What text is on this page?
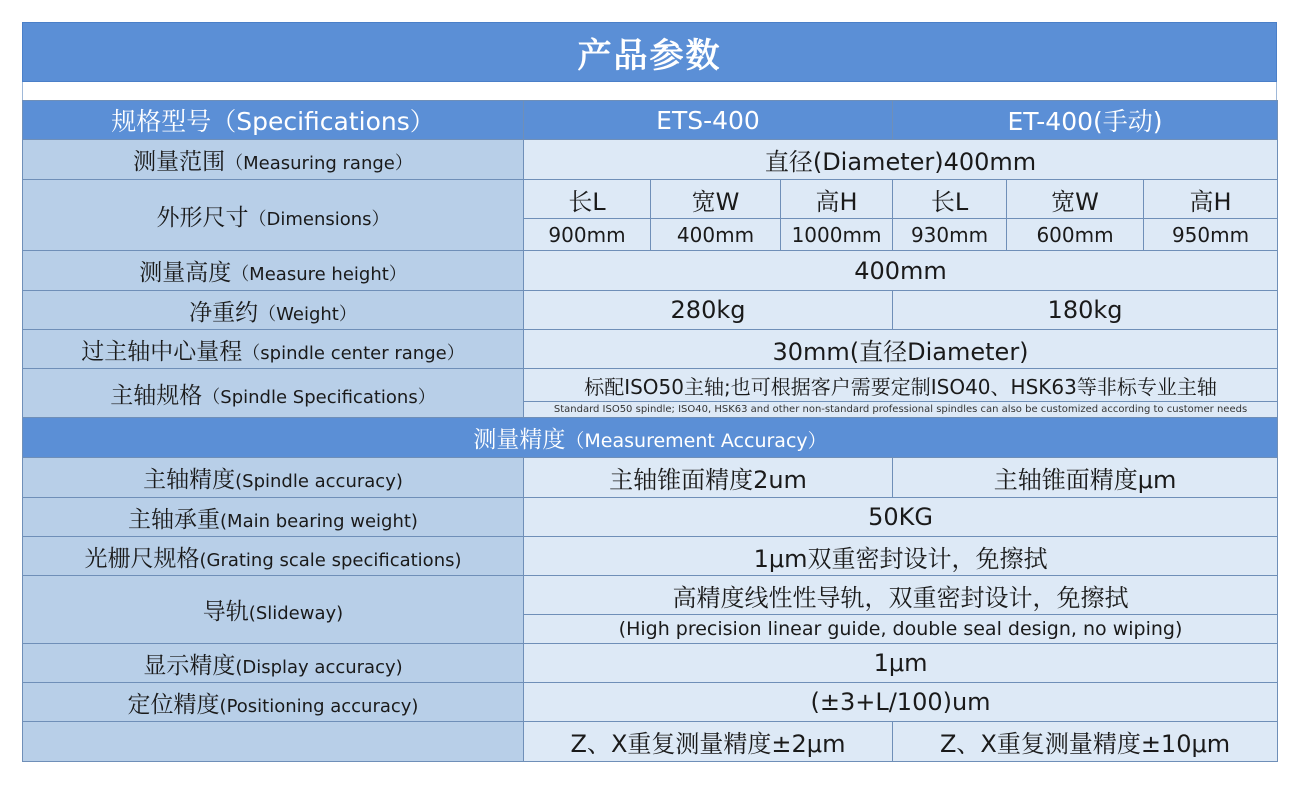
产品参数
规格型号（Specifications）	ETS-400			ET-400(手动)		
测量范围（Measuring range）	直径(Diameter)400mm					
外形尺寸（Dimensions）	长L	宽W	高H	长L	宽W	高H
	900mm	400mm	1000mm	930mm	600mm	950mm
测量高度（Measure height）	400mm					
净重约（Weight）	280kg			180kg		
过主轴中心量程（spindle center range）	30mm(直径Diameter)					
主轴规格（Spindle Specifications）	标配ISO50主轴;也可根据客户需要定制ISO40、HSK63等非标专业主轴					
	Standard ISO50 spindle; ISO40, HSK63 and other non-standard professional spindles can also be customized according to customer needs					
测量精度（Measurement Accuracy）						
主轴精度(Spindle accuracy)	主轴锥面精度2um			主轴锥面精度μm		
主轴承重(Main bearing weight)	50KG					
光栅尺规格(Grating scale specifications)	1μm双重密封设计，免擦拭					
导轨(Slideway)	高精度线性性导轨，双重密封设计，免擦拭					
	(High precision linear guide, double seal design, no wiping)					
显示精度(Display accuracy)	1μm					
定位精度(Positioning accuracy)	(±3+L/100)um					
	Z、X重复测量精度±2μm			Z、X重复测量精度±10μm		
